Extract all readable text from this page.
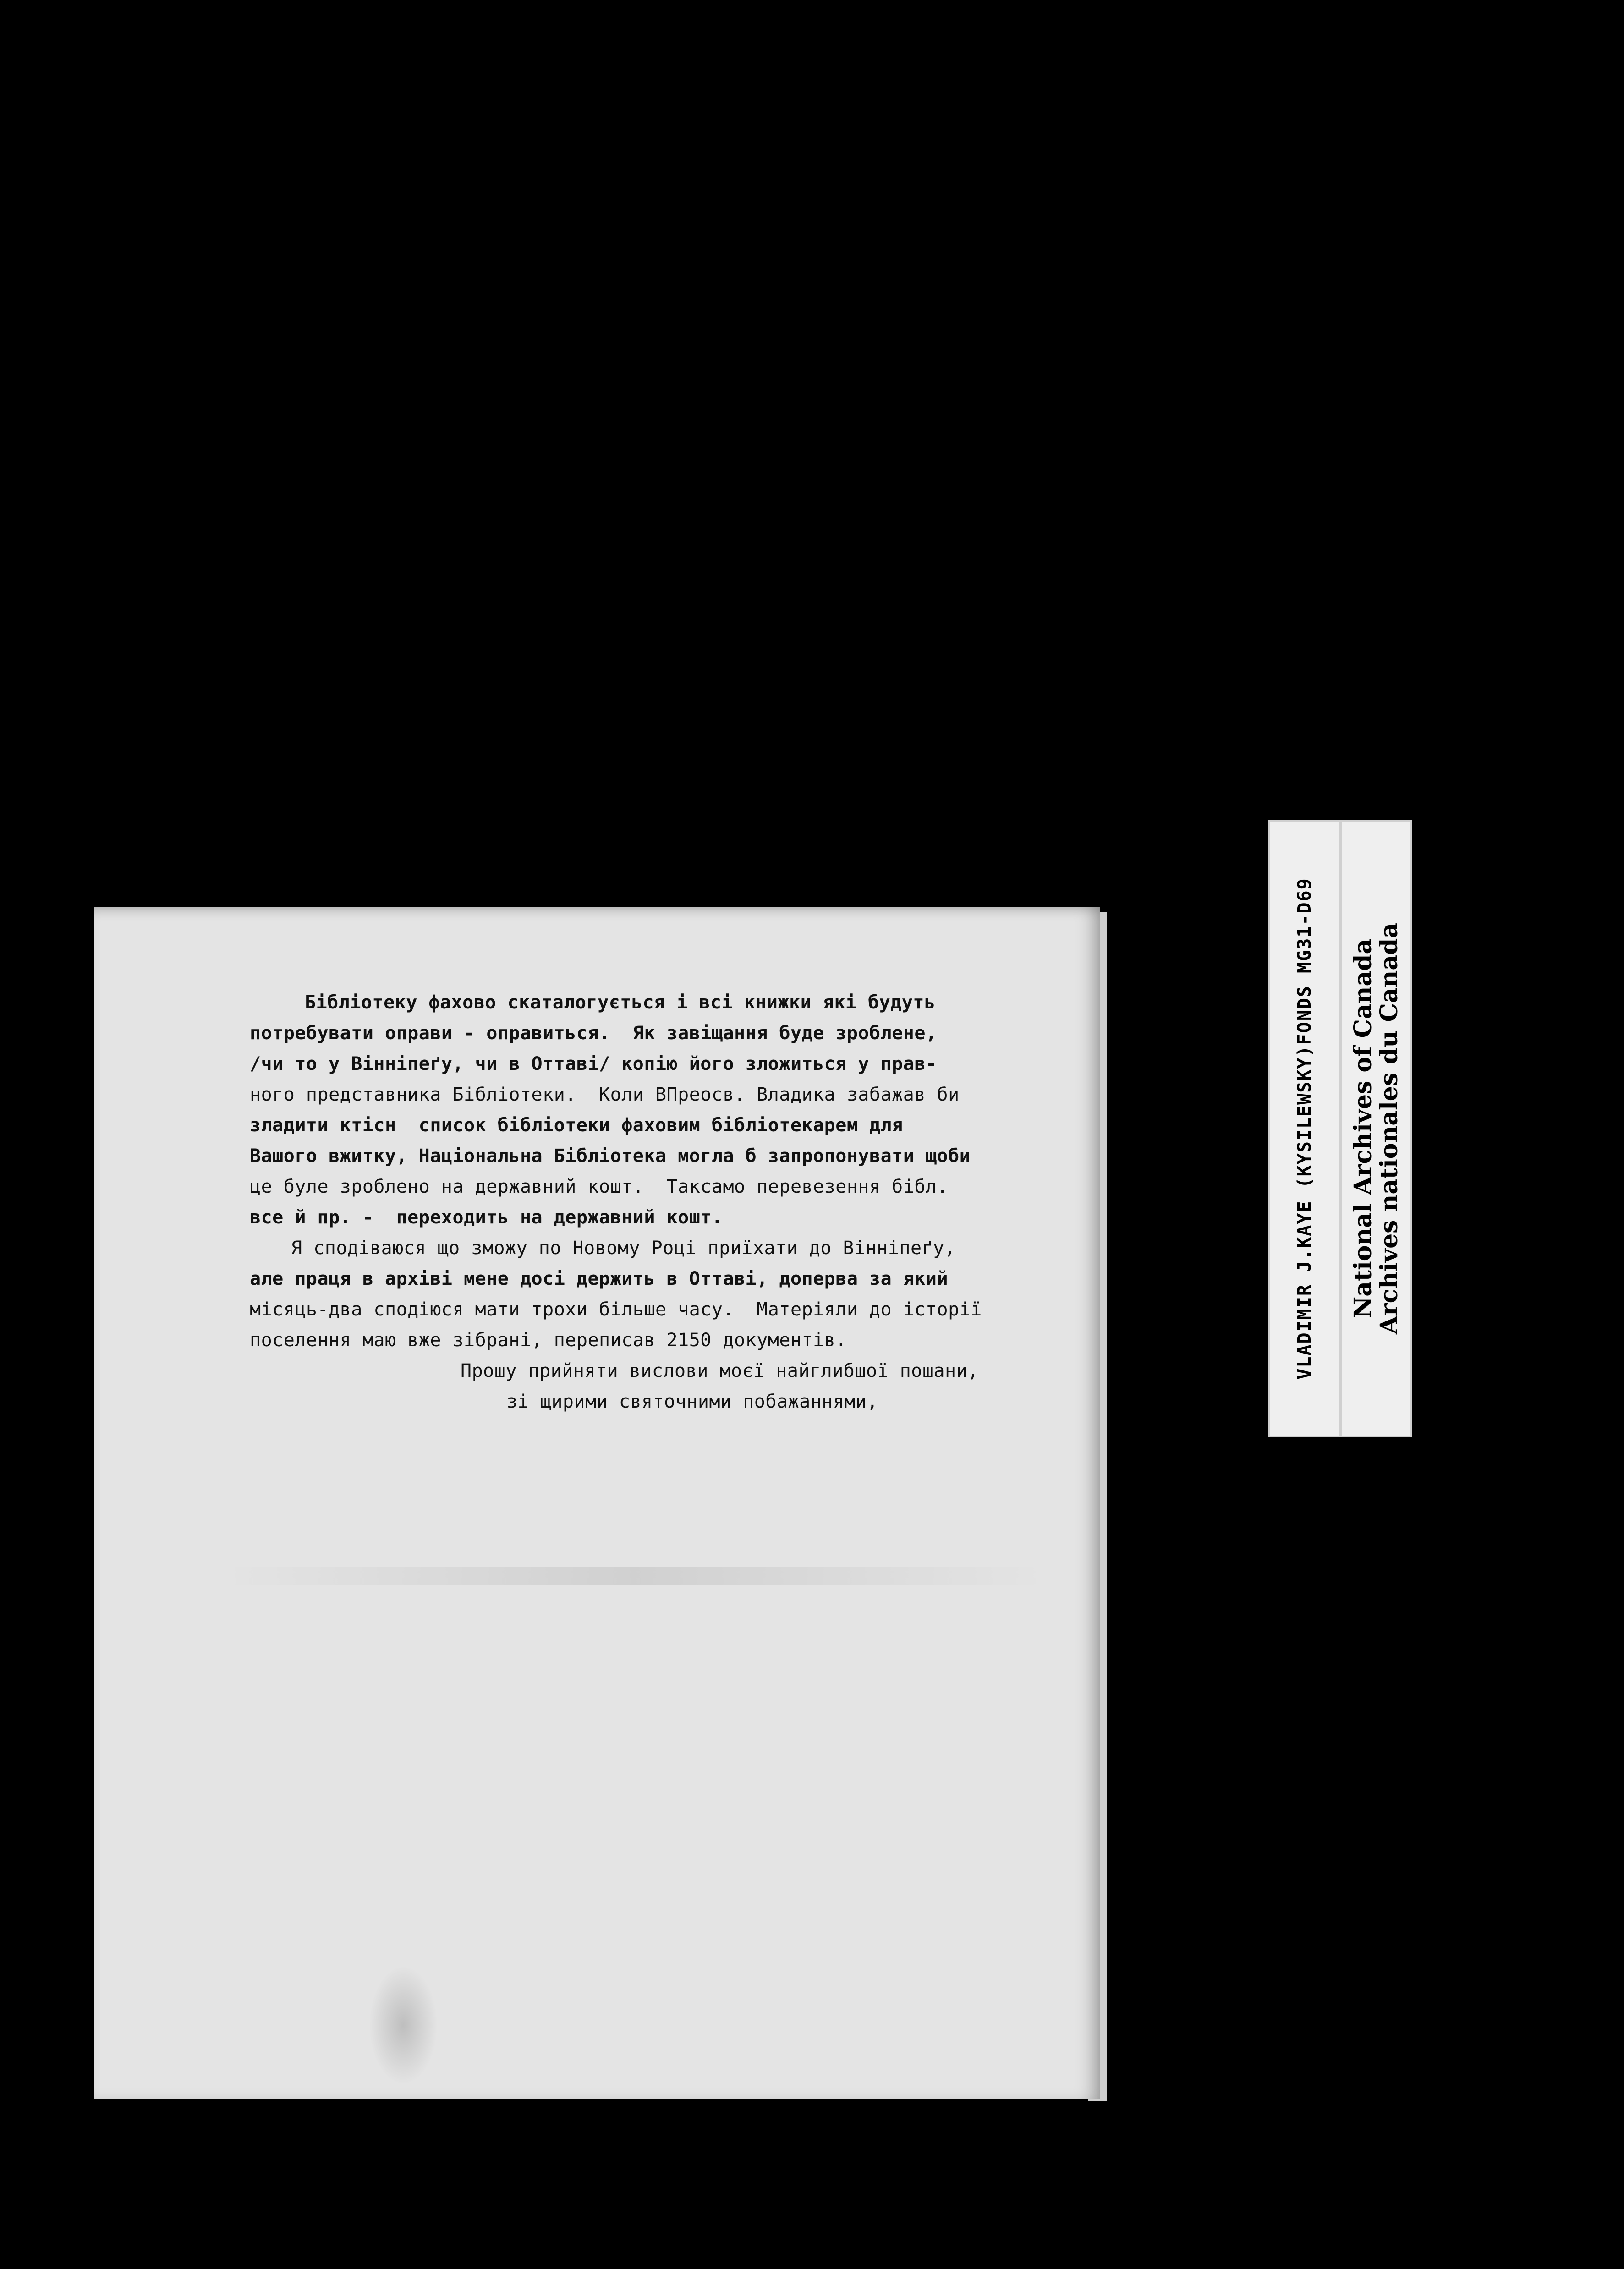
Бібліотеку фахово скаталогується і всі книжки які будуть
потребувати оправи - оправиться.  Як завіщання буде зроблене,
/чи то у Вінніпеґу, чи в Оттаві/ копію його зложиться у прав-
ного представника Бібліотеки.  Коли ВПреосв. Владика забажав би
зладити ктiсн  список бібліотеки фаховим бібліотекарем для
Вашого вжитку, Національна Бібліотека могла б запропонувати щоби
це буле зроблено на державний кошт.  Таксамо перевезення бібл.
все й пр. -  переходить на державний кошт.
Я сподіваюся що зможу по Новому Році приїхати до Вінніпеґу,
але праця в архіві мене досі держить в Оттаві, доперва за який
місяць-два сподіюся мати трохи більше часу.  Матеріяли до історії
поселення маю вже зібрані, переписав 2150 документів.
Прошу прийняти вислови моєї найглибшої пошани,
зі щирими святочними побажаннями,
VLADIMIR J.KAYE (KYSILEWSKY)FONDS MG31-D69 National Archives of Canada
Archives nationales du Canada
